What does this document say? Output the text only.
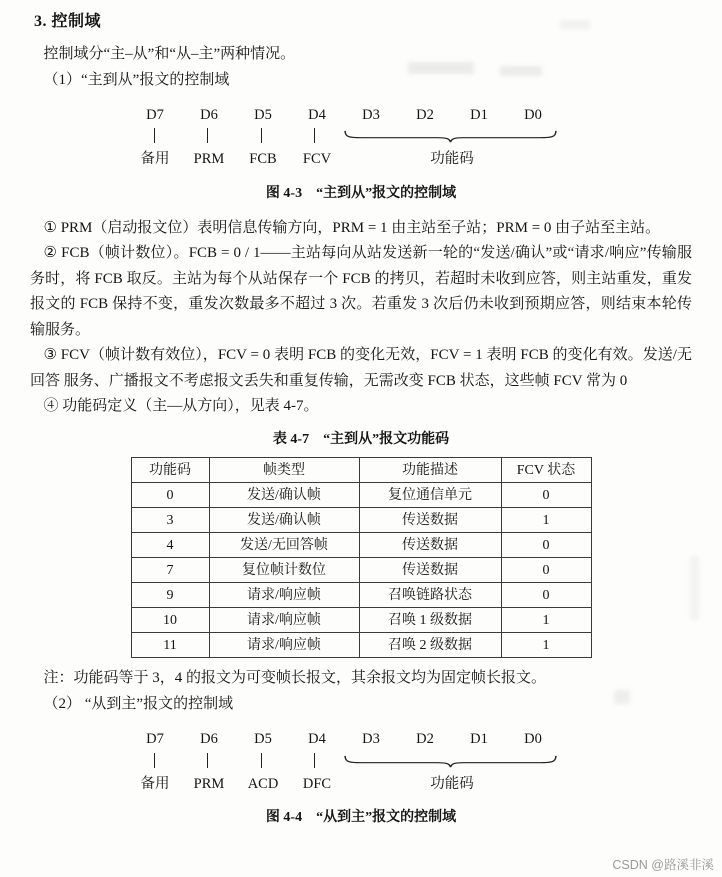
3. 控制域

控制域分“主–从”和“从–主”两种情况。

（1）“主到从”报文的控制域

D7	D6	D5	D4	D3	D2	D1	D0
备用	PRM	FCB	FCV	功能码

图 4-3　“主到从”报文的控制域

① PRM（启动报文位）表明信息传输方向，PRM = 1 由主站至子站；PRM = 0 由子站至主站。

② FCB（帧计数位）。FCB = 0 / 1——主站每向从站发送新一轮的“发送/确认”或“请求/响应”传输服务时，将 FCB 取反。主站为每个从站保存一个 FCB 的拷贝，若超时未收到应答，则主站重发，重发报文的 FCB 保持不变，重发次数最多不超过 3 次。若重发 3 次后仍未收到预期应答，则结束本轮传输服务。

③ FCV（帧计数有效位），FCV = 0 表明 FCB 的变化无效，FCV = 1 表明 FCB 的变化有效。发送/无回答 服务、广播报文不考虑报文丢失和重复传输，无需改变 FCB 状态，这些帧 FCV 常为 0

④ 功能码定义（主—从方向），见表 4-7。

表 4-7　“主到从”报文功能码

功能码	帧类型	功能描述	FCV 状态
0	发送/确认帧	复位通信单元	0
3	发送/确认帧	传送数据	1
4	发送/无回答帧	传送数据	0
7	复位帧计数位	传送数据	0
9	请求/响应帧	召唤链路状态	0
10	请求/响应帧	召唤 1 级数据	1
11	请求/响应帧	召唤 2 级数据	1

注：功能码等于 3，4 的报文为可变帧长报文，其余报文均为固定帧长报文。

（2） “从到主”报文的控制域

D7	D6	D5	D4	D3	D2	D1	D0
备用	PRM	ACD	DFC	功能码

图 4-4　“从到主”报文的控制域

CSDN @路溪非溪
